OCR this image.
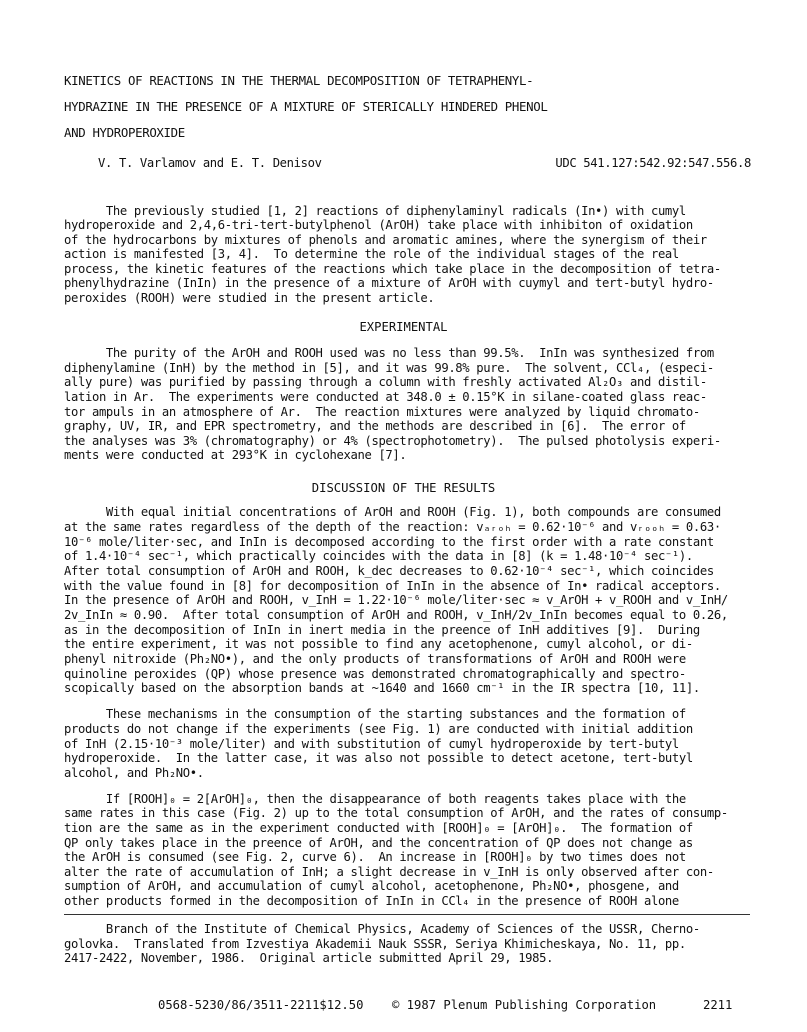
KINETICS OF REACTIONS IN THE THERMAL DECOMPOSITION OF TETRAPHENYL-
HYDRAZINE IN THE PRESENCE OF A MIXTURE OF STERICALLY HINDERED PHENOL
AND HYDROPEROXIDE
V. T. Varlamov and E. T. Denisov	UDC 541.127:542.92:547.556.8
The previously studied [1, 2] reactions of diphenylaminyl radicals (In•) with cumyl
hydroperoxide and 2,4,6-tri-tert-butylphenol (ArOH) take place with inhibiton of oxidation
of the hydrocarbons by mixtures of phenols and aromatic amines, where the synergism of their
action is manifested [3, 4].  To determine the role of the individual stages of the real
process, the kinetic features of the reactions which take place in the decomposition of tetra-
phenylhydrazine (InIn) in the presence of a mixture of ArOH with cuymyl and tert-butyl hydro-
peroxides (ROOH) were studied in the present article.
EXPERIMENTAL
The purity of the ArOH and ROOH used was no less than 99.5%.  InIn was synthesized from
diphenylamine (InH) by the method in [5], and it was 99.8% pure.  The solvent, CCl₄, (especi-
ally pure) was purified by passing through a column with freshly activated Al₂O₃ and distil-
lation in Ar.  The experiments were conducted at 348.0 ± 0.15°K in silane-coated glass reac-
tor ampuls in an atmosphere of Ar.  The reaction mixtures were analyzed by liquid chromato-
graphy, UV, IR, and EPR spectrometry, and the methods are described in [6].  The error of
the analyses was 3% (chromatography) or 4% (spectrophotometry).  The pulsed photolysis experi-
ments were conducted at 293°K in cyclohexane [7].
DISCUSSION OF THE RESULTS
With equal initial concentrations of ArOH and ROOH (Fig. 1), both compounds are consumed
at the same rates regardless of the depth of the reaction: vₐᵣₒₕ = 0.62·10⁻⁶ and vᵣₒₒₕ = 0.63·
10⁻⁶ mole/liter·sec, and InIn is decomposed according to the first order with a rate constant
of 1.4·10⁻⁴ sec⁻¹, which practically coincides with the data in [8] (k = 1.48·10⁻⁴ sec⁻¹).
After total consumption of ArOH and ROOH, k_dec decreases to 0.62·10⁻⁴ sec⁻¹, which coincides
with the value found in [8] for decomposition of InIn in the absence of In• radical acceptors.
In the presence of ArOH and ROOH, v_InH = 1.22·10⁻⁶ mole/liter·sec ≈ v_ArOH + v_ROOH and v_InH/
2v_InIn ≈ 0.90.  After total consumption of ArOH and ROOH, v_InH/2v_InIn becomes equal to 0.26,
as in the decomposition of InIn in inert media in the preence of InH additives [9].  During
the entire experiment, it was not possible to find any acetophenone, cumyl alcohol, or di-
phenyl nitroxide (Ph₂NO•), and the only products of transformations of ArOH and ROOH were
quinoline peroxides (QP) whose presence was demonstrated chromatographically and spectro-
scopically based on the absorption bands at ~1640 and 1660 cm⁻¹ in the IR spectra [10, 11].
These mechanisms in the consumption of the starting substances and the formation of
products do not change if the experiments (see Fig. 1) are conducted with initial addition
of InH (2.15·10⁻³ mole/liter) and with substitution of cumyl hydroperoxide by tert-butyl
hydroperoxide.  In the latter case, it was also not possible to detect acetone, tert-butyl
alcohol, and Ph₂NO•.
If [ROOH]₀ = 2[ArOH]₀, then the disappearance of both reagents takes place with the
same rates in this case (Fig. 2) up to the total consumption of ArOH, and the rates of consump-
tion are the same as in the experiment conducted with [ROOH]₀ = [ArOH]₀.  The formation of
QP only takes place in the preence of ArOH, and the concentration of QP does not change as
the ArOH is consumed (see Fig. 2, curve 6).  An increase in [ROOH]₀ by two times does not
alter the rate of accumulation of InH; a slight decrease in v_InH is only observed after con-
sumption of ArOH, and accumulation of cumyl alcohol, acetophenone, Ph₂NO•, phosgene, and
other products formed in the decomposition of InIn in CCl₄ in the presence of ROOH alone
Branch of the Institute of Chemical Physics, Academy of Sciences of the USSR, Cherno-
golovka.  Translated from Izvestiya Akademii Nauk SSSR, Seriya Khimicheskaya, No. 11, pp.
2417-2422, November, 1986.  Original article submitted April 29, 1985.
0568-5230/86/3511-2211$12.50 © 1987 Plenum Publishing Corporation	2211
